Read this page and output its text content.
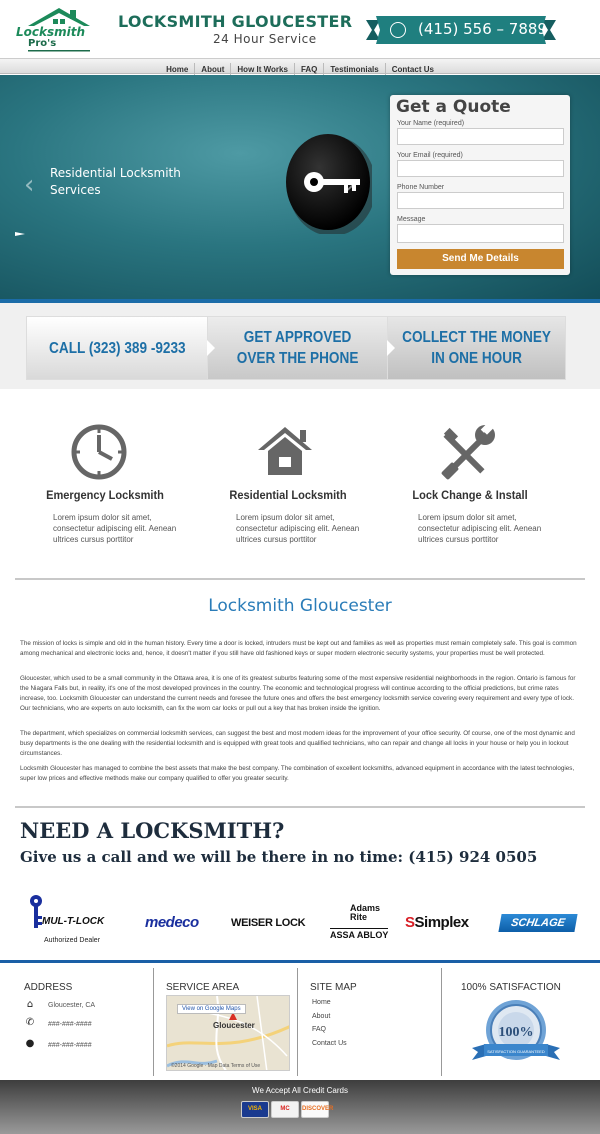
Locksmith
Pro's
LOCKSMITH GLOUCESTER
24 Hour Service
(415) 556 – 7889
Home	About	How It Works	FAQ	Testimonials	Contact Us
‹ Residential Locksmith Services	›
Get a Quote
Your Name (required)
Your Email (required)
Phone Number
Message
Send Me Details
CALL (323) 389 -9233
GET APPROVED
OVER THE PHONE
COLLECT THE MONEY
IN ONE HOUR
Emergency Locksmith
Lorem ipsum dolor sit amet, consectetur adipiscing elit. Aenean ultrices cursus porttitor
Residential Locksmith
Lorem ipsum dolor sit amet, consectetur adipiscing elit. Aenean ultrices cursus porttitor
Lock Change & Install
Lorem ipsum dolor sit amet, consectetur adipiscing elit. Aenean ultrices cursus porttitor
Locksmith Gloucester
The mission of locks is simple and old in the human history. Every time a door is locked, intruders must be kept out and families as well as properties must remain completely safe. This goal is common among mechanical and electronic locks and, hence, it doesn't matter if you still have old fashioned keys or super modern electronic security systems, your properties must be well protected.
Gloucester, which used to be a small community in the Ottawa area, it is one of its greatest suburbs featuring some of the most expensive residential neighborhoods in the region. Ontario is famous for the Niagara Falls but, in reality, it's one of the most developed provinces in the country. The economic and technological progress will continue according to the official predictions, but crime rates increase, too. Locksmith Gloucester can understand the current needs and foresee the future ones and offers the best emergency locksmith service covering every requirement and every type of lock. Our technicians, who are experts on auto locksmith, can fix the worn car locks or pull out a key that has broken inside the ignition.
The department, which specializes on commercial locksmith services, can suggest the best and most modern ideas for the improvement of your office security. Of course, one of the most dynamic and busy departments is the one dealing with the residential locksmith and is equipped with great tools and qualified technicians, who can repair and change all locks in your house or help you in lockout circumstances.
Locksmith Gloucester has managed to combine the best assets that make the best company. The combination of excellent locksmiths, advanced equipment in accordance with the latest technologies, super low prices and effective methods make our company qualified to offer you greater security.
NEED A LOCKSMITH?
Give us a call and we will be there in no time: (415) 924 0505
MUL-T-LOCK
Authorized Dealer
medeco	WEISER LOCK
Adams
Rite
ASSA ABLOY
SSimplex	SCHLAGE
ADDRESS
⌂	Gloucester, CA
✆ ###-###-####
● ###-###-####
SERVICE AREA
View on Google Maps
Gloucester
©2014 Google · Map Data Terms of Use
SITE MAP
Home
About
FAQ
Contact Us
100% SATISFACTION
100%
SATISFACTION GUARANTEED
We Accept All Credit Cards
VISA	MC	DISCOVER
